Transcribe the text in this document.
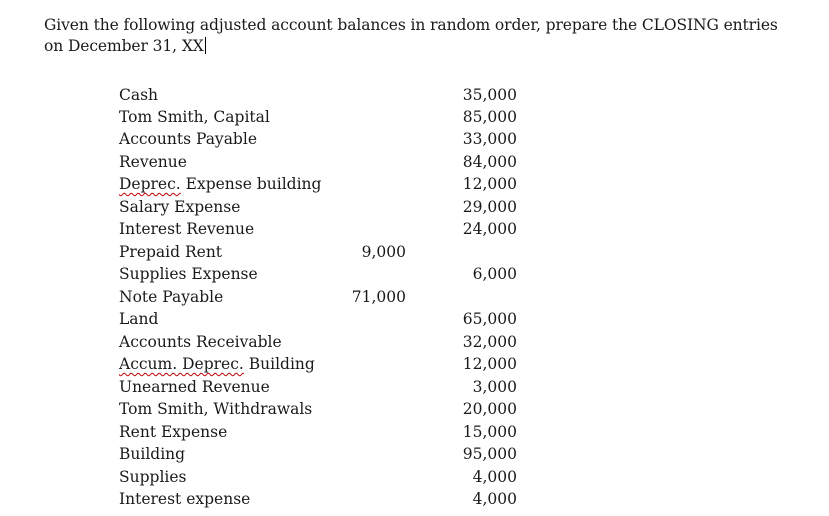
Given the following adjusted account balances in random order, prepare the CLOSING entries
on December 31, XX
Cash	35,000
Tom Smith, Capital	85,000
Accounts Payable	33,000
Revenue	84,000
Deprec. Expense building	12,000
Salary Expense	29,000
Interest Revenue	24,000
Prepaid Rent	9,000
Supplies Expense	6,000
Note Payable	71,000
Land	65,000
Accounts Receivable	32,000
Accum. Deprec. Building	12,000
Unearned Revenue	3,000
Tom Smith, Withdrawals	20,000
Rent Expense	15,000
Building	95,000
Supplies	4,000
Interest expense	4,000
